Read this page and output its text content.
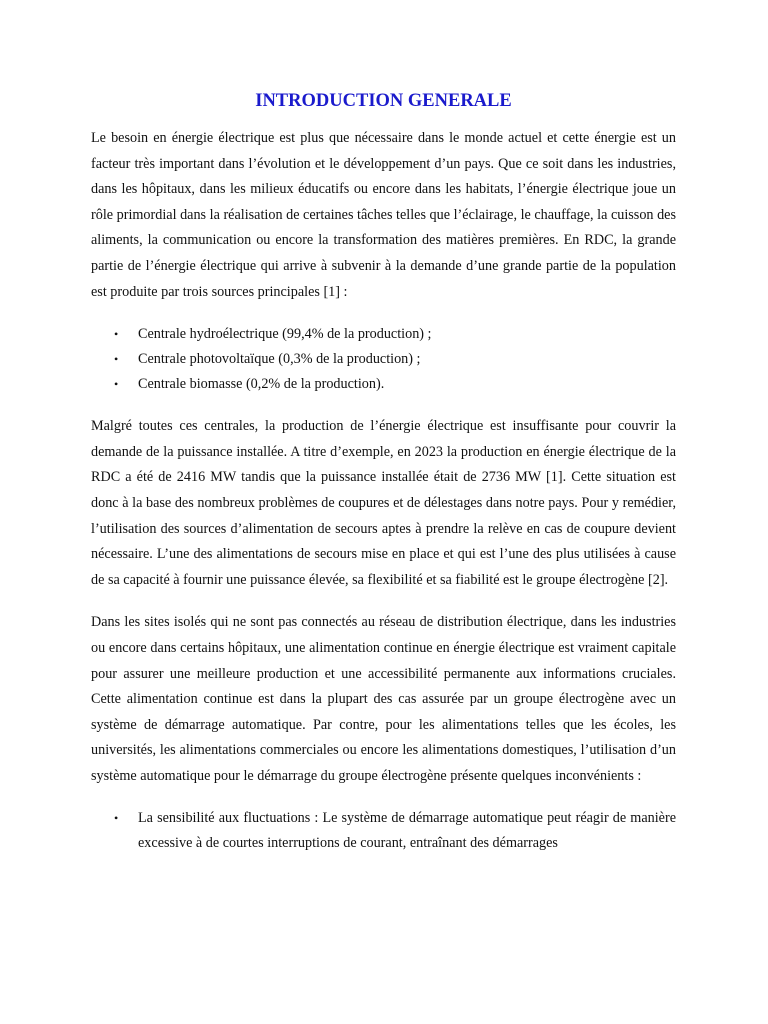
INTRODUCTION GENERALE

Le besoin en énergie électrique est plus que nécessaire dans le monde actuel et cette énergie est un facteur très important dans l’évolution et le développement d’un pays. Que ce soit dans les industries, dans les hôpitaux, dans les milieux éducatifs ou encore dans les habitats, l’énergie électrique joue un rôle primordial dans la réalisation de certaines tâches telles que l’éclairage, le chauffage, la cuisson des aliments, la communication ou encore la transformation des matières premières. En RDC, la grande partie de l’énergie électrique qui arrive à subvenir à la demande d’une grande partie de la population est produite par trois sources principales [1] :

• Centrale hydroélectrique (99,4% de la production) ;
• Centrale photovoltaïque (0,3% de la production) ;
• Centrale biomasse (0,2% de la production).

Malgré toutes ces centrales, la production de l’énergie électrique est insuffisante pour couvrir la demande de la puissance installée. A titre d’exemple, en 2023 la production en énergie électrique de la RDC a été de 2416 MW tandis que la puissance installée était de 2736 MW [1]. Cette situation est donc à la base des nombreux problèmes de coupures et de délestages dans notre pays. Pour y remédier, l’utilisation des sources d’alimentation de secours aptes à prendre la relève en cas de coupure devient nécessaire. L’une des alimentations de secours mise en place et qui est l’une des plus utilisées à cause de sa capacité à fournir une puissance élevée, sa flexibilité et sa fiabilité est le groupe électrogène [2].

Dans les sites isolés qui ne sont pas connectés au réseau de distribution électrique, dans les industries ou encore dans certains hôpitaux, une alimentation continue en énergie électrique est vraiment capitale pour assurer une meilleure production et une accessibilité permanente aux informations cruciales. Cette alimentation continue est dans la plupart des cas assurée par un groupe électrogène avec un système de démarrage automatique. Par contre, pour les alimentations telles que les écoles, les universités, les alimentations commerciales ou encore les alimentations domestiques, l’utilisation d’un système automatique pour le démarrage du groupe électrogène présente quelques inconvénients :

• La sensibilité aux fluctuations : Le système de démarrage automatique peut réagir de manière excessive à de courtes interruptions de courant, entraînant des démarrages
